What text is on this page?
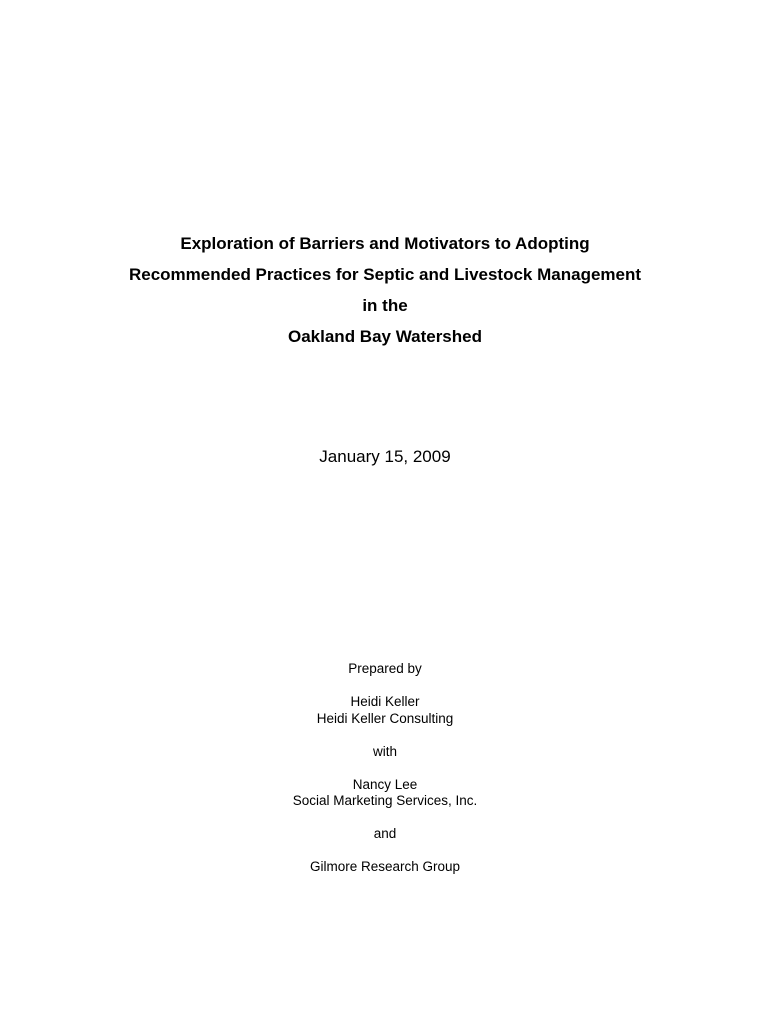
Exploration of Barriers and Motivators to Adopting
Recommended Practices for Septic and Livestock Management
in the
Oakland Bay Watershed
January 15, 2009
Prepared by
Heidi Keller
Heidi Keller Consulting
with
Nancy Lee
Social Marketing Services, Inc.
and
Gilmore Research Group
